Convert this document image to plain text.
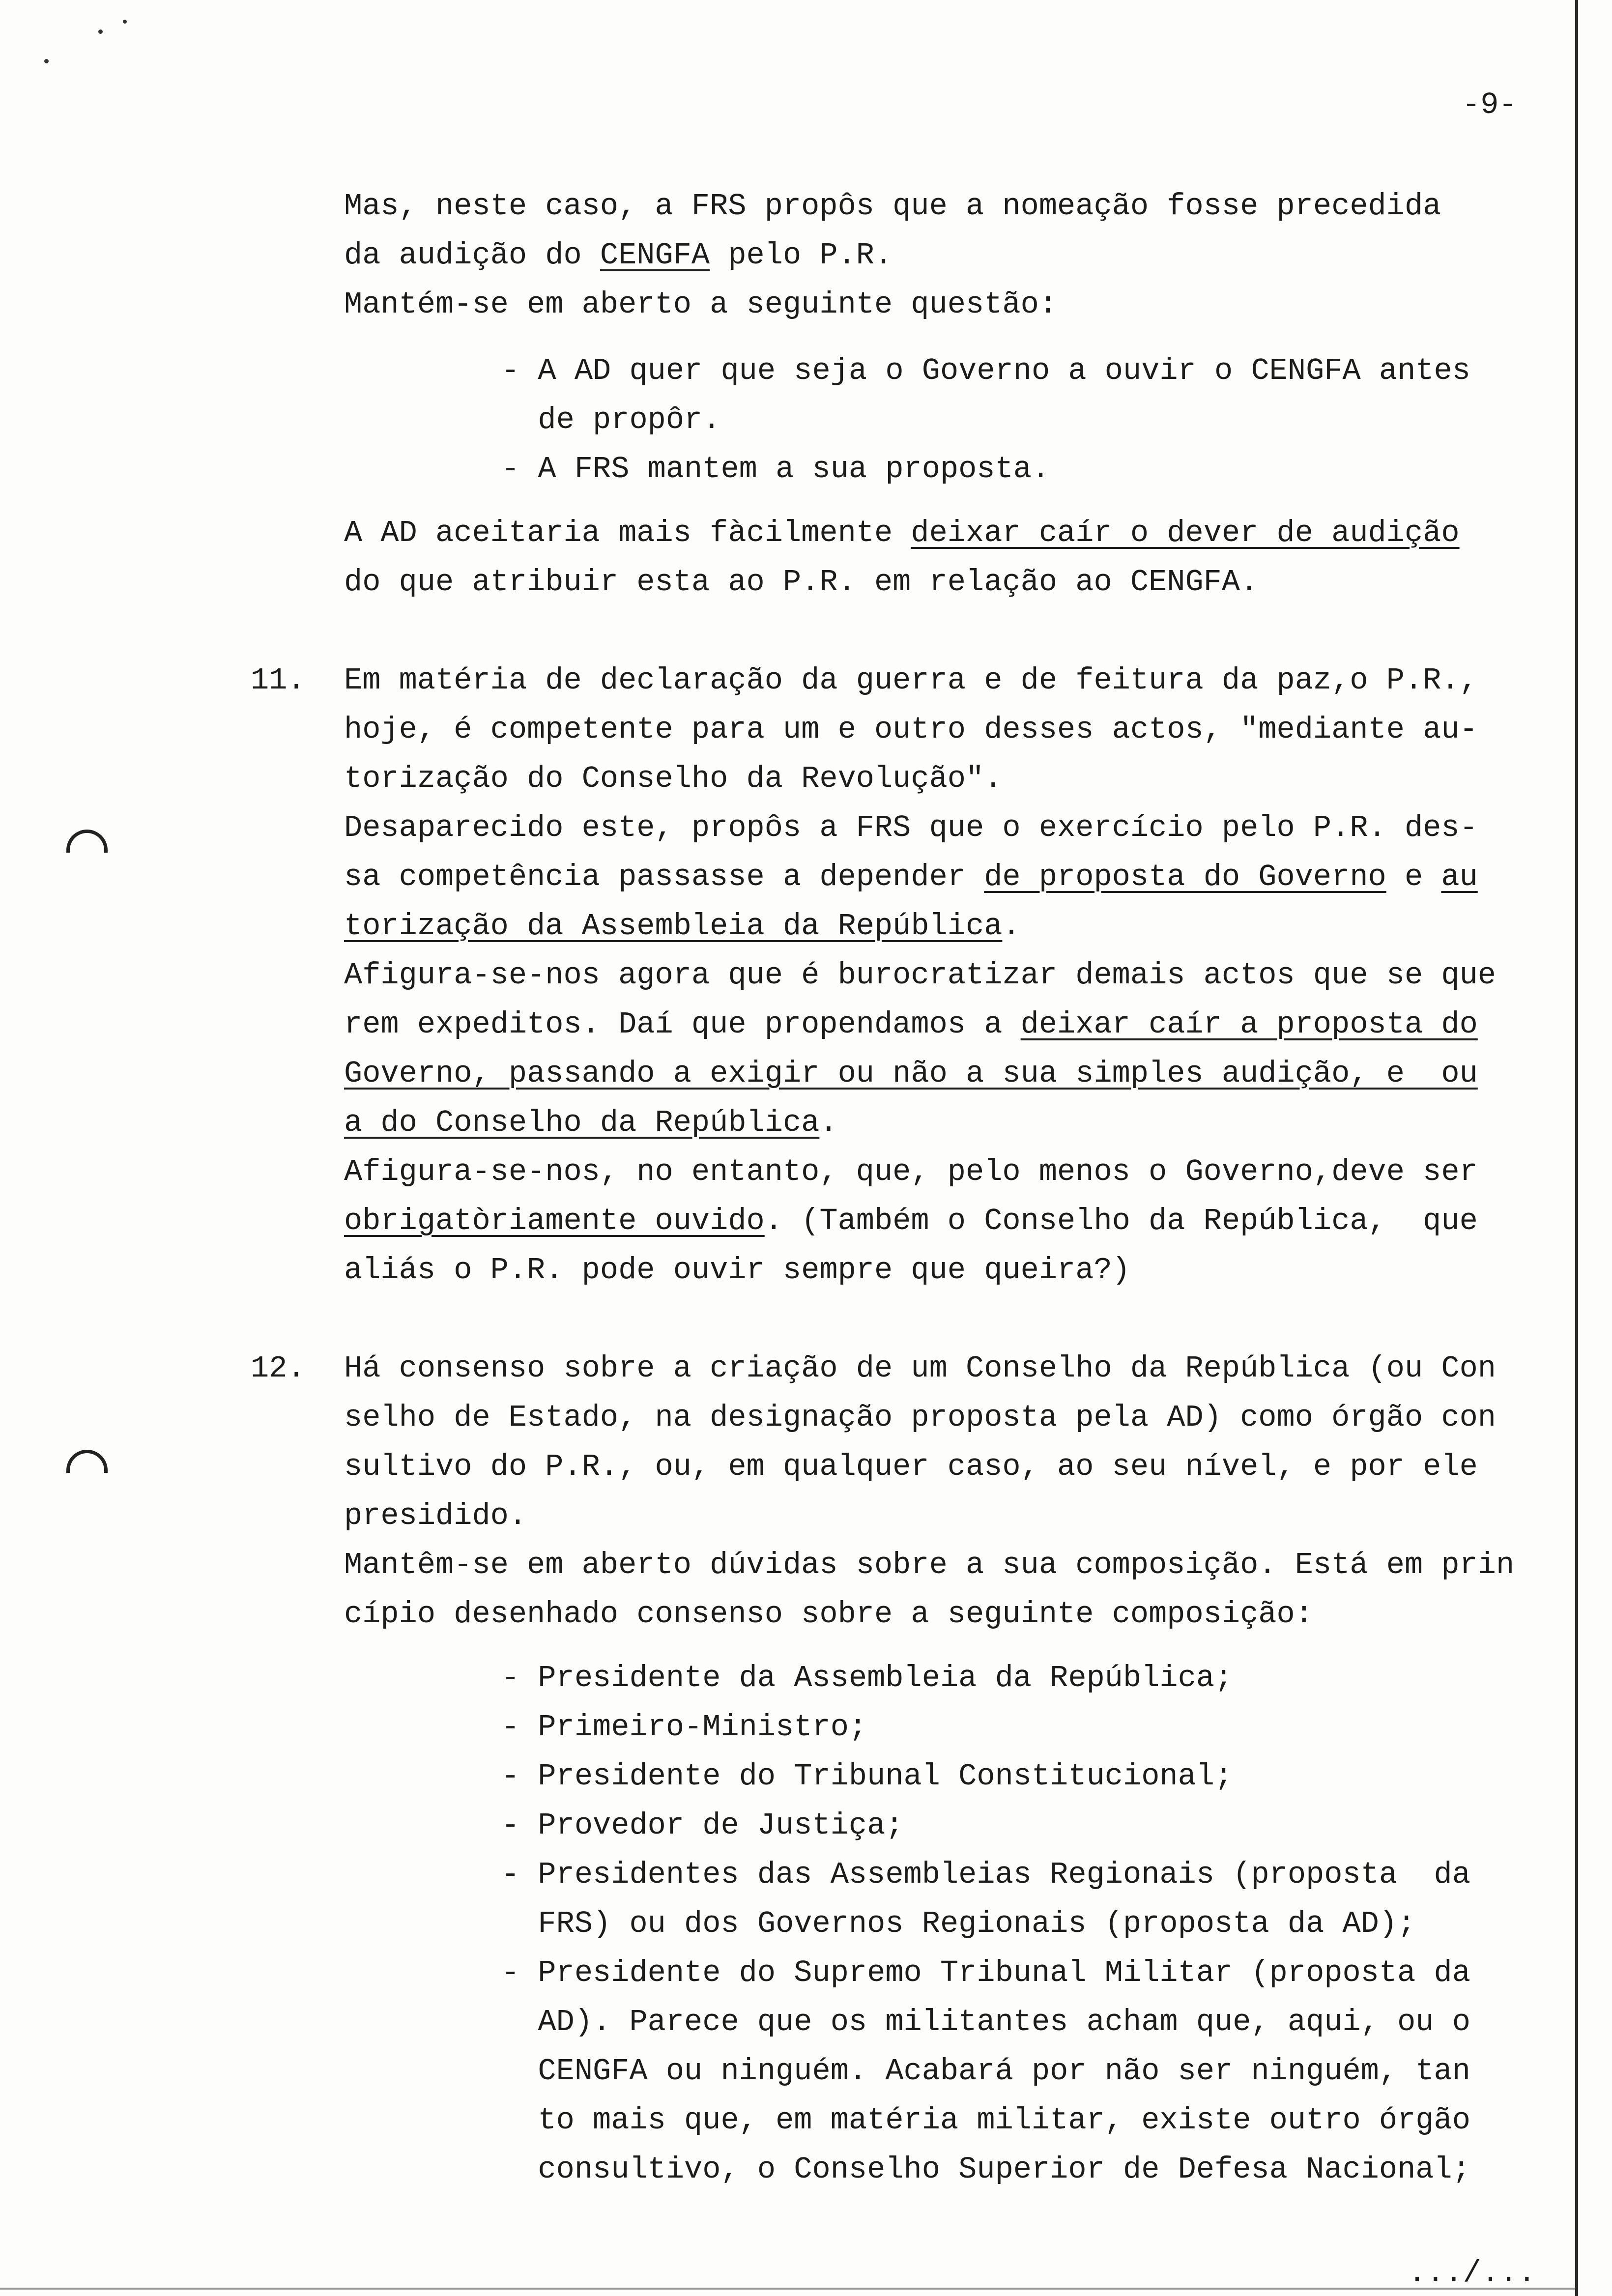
-9-
Mas, neste caso, a FRS propôs que a nomeação fosse precedida
da audição do CENGFA pelo P.R.
Mantém-se em aberto a seguinte questão:
- A AD quer que seja o Governo a ouvir o CENGFA antes
de propôr.
- A FRS mantem a sua proposta.
A AD aceitaria mais fàcilmente deixar caír o dever de audição
do que atribuir esta ao P.R. em relação ao CENGFA.
11. Em matéria de declaração da guerra e de feitura da paz,o P.R.,
hoje, é competente para um e outro desses actos, "mediante au-
torização do Conselho da Revolução".
Desaparecido este, propôs a FRS que o exercício pelo P.R. des-
sa competência passasse a depender de proposta do Governo e au
torização da Assembleia da República.
Afigura-se-nos agora que é burocratizar demais actos que se que
rem expeditos. Daí que propendamos a deixar caír a proposta do
Governo, passando a exigir ou não a sua simples audição, e  ou
a do Conselho da República.
Afigura-se-nos, no entanto, que, pelo menos o Governo,deve ser
obrigatòriamente ouvido. (Também o Conselho da República,  que
aliás o P.R. pode ouvir sempre que queira?)
12. Há consenso sobre a criação de um Conselho da República (ou Con
selho de Estado, na designação proposta pela AD) como órgão con
sultivo do P.R., ou, em qualquer caso, ao seu nível, e por ele
presidido.
Mantêm-se em aberto dúvidas sobre a sua composição. Está em prin
cípio desenhado consenso sobre a seguinte composição:
- Presidente da Assembleia da República;
- Primeiro-Ministro;
- Presidente do Tribunal Constitucional;
- Provedor de Justiça;
- Presidentes das Assembleias Regionais (proposta  da
FRS) ou dos Governos Regionais (proposta da AD);
- Presidente do Supremo Tribunal Militar (proposta da
AD). Parece que os militantes acham que, aqui, ou o
CENGFA ou ninguém. Acabará por não ser ninguém, tan
to mais que, em matéria militar, existe outro órgão
consultivo, o Conselho Superior de Defesa Nacional;
.../...
